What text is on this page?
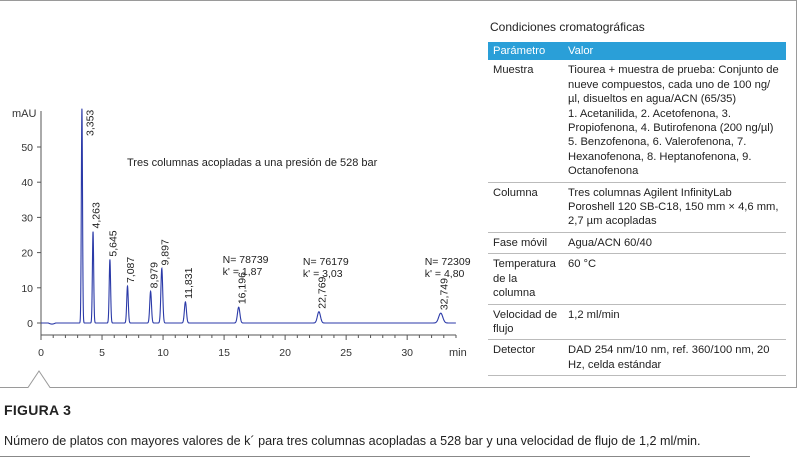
0
10
20
30
40
50
0	5	10	15	20	25	30
3,353
4,263
5,645
7,087 8,979
9,897
11,831	16,196	22,769	32,749
N= 78739
k' = 1,87
N= 76179
k' = 3,03
N= 72309
k' = 4,80
mAU
min
Tres columnas acopladas a una presión de 528 bar
Condiciones cromatográficas
Parámetro	Valor
Muestra	Tiourea + muestra de prueba: Conjunto de nueve compuestos, cada uno de 100 ng/µl, disueltos en agua/ACN (65/35)
1. Acetanilida, 2. Acetofenona, 3. Propiofenona, 4. Butirofenona (200 ng/µl) 5. Benzofenona, 6. Valerofenona, 7. Hexanofenona, 8. Heptanofenona, 9. Octanofenona

Columna	Tres columnas Agilent InfinityLab Poroshell 120 SB-C18, 150 mm × 4,6 mm, 2,7 µm acopladas
Fase móvil	Agua/ACN 60/40
Temperatura de la columna	60 °C
Velocidad de flujo	1,2 ml/min
Detector	DAD 254 nm/10 nm, ref. 360/100 nm, 20 Hz, celda estándar
FIGURA 3
Número de platos con mayores valores de k´ para tres columnas acopladas a 528 bar y una velocidad de flujo de 1,2 ml/min.
